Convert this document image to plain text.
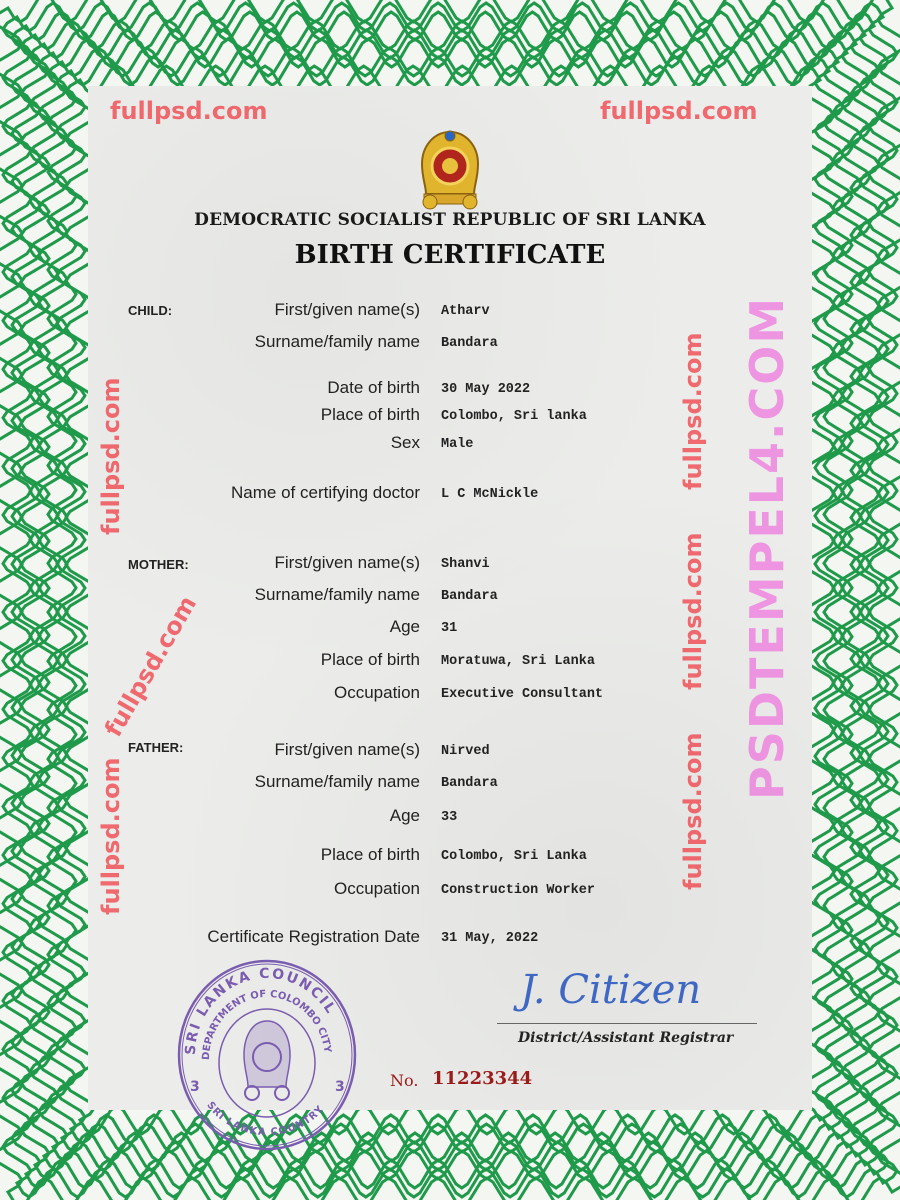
DEMOCRATIC SOCIALIST REPUBLIC OF SRI LANKA
BIRTH CERTIFICATE
CHILD:	First/given name(s) Atharv
Surname/family name Bandara
Date of birth 30 May 2022
Place of birth Colombo, Sri lanka
Sex Male
Name of certifying doctor L C McNickle
MOTHER:	First/given name(s) Shanvi
Surname/family name Bandara
Age 31
Place of birth Moratuwa, Sri Lanka
Occupation Executive Consultant
FATHER:	First/given name(s) Nirved
Surname/family name Bandara
Age 33
Place of birth Colombo, Sri Lanka
Occupation Construction Worker
Certificate Registration Date 31 May, 2022
SRI LANKA COUNCIL
DEPARTMENT OF COLOMBO CITY
SRI LANKA COUNTRY
3	3
J. Citizen
District/Assistant Registrar
No. 11223344
fullpsd.com	fullpsd.com
fullpsd.com
fullpsd.com
fullpsd.com
fullpsd.com
fullpsd.com
fullpsd.com
PSDTEMPEL4.COM
